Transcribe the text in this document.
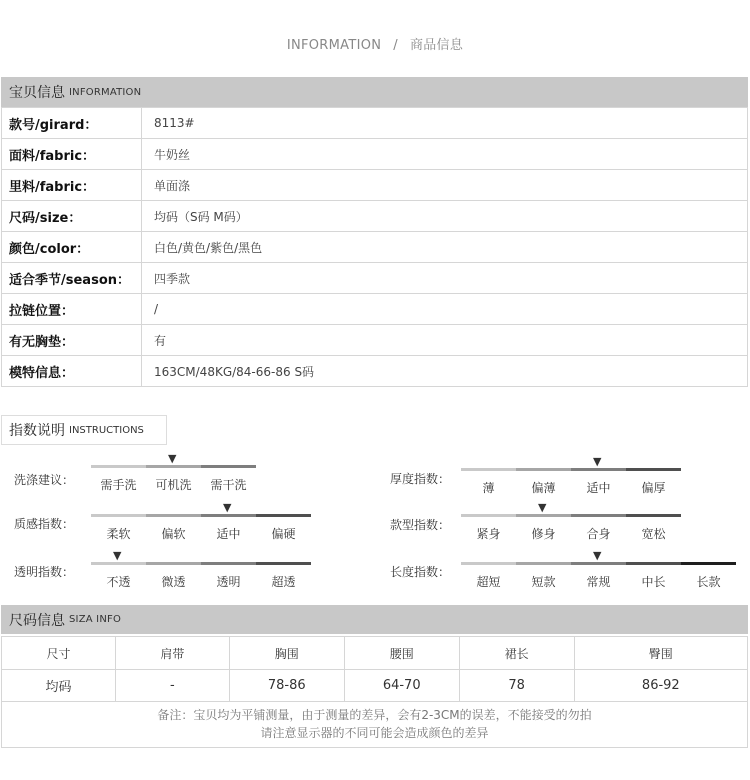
INFORMATION / 商品信息
宝贝信息 INFORMATION
款号/girard：	8113#
面料/fabric：	牛奶丝
里料/fabric：	单面涤
尺码/size：	均码（S码 M码）
颜色/color：	白色/黄色/紫色/黑色
适合季节/season：	四季款
拉链位置：	/
有无胸垫：	有
模特信息：	163CM/48KG/84-66-86 S码
指数说明 INSTRUCTIONS
洗涤建议：	需手洗	可机洗	需干洗
▼
质感指数：
柔软	偏软	适中	偏硬
▼
透明指数：
不透	微透	透明	超透
▼
厚度指数：
薄	偏薄	适中	偏厚
▼
款型指数：
紧身	修身	合身	宽松
▼
长度指数：
超短	短款	常规	中长	长款
▼
尺码信息 SIZA INFO
尺寸	肩带	胸围	腰围	裙长	臀围
均码	-	78-86	64-70	78	86-92
备注：宝贝均为平铺测量，由于测量的差异，会有2-3CM的误差，不能接受的勿拍
请注意显示器的不同可能会造成颜色的差异
